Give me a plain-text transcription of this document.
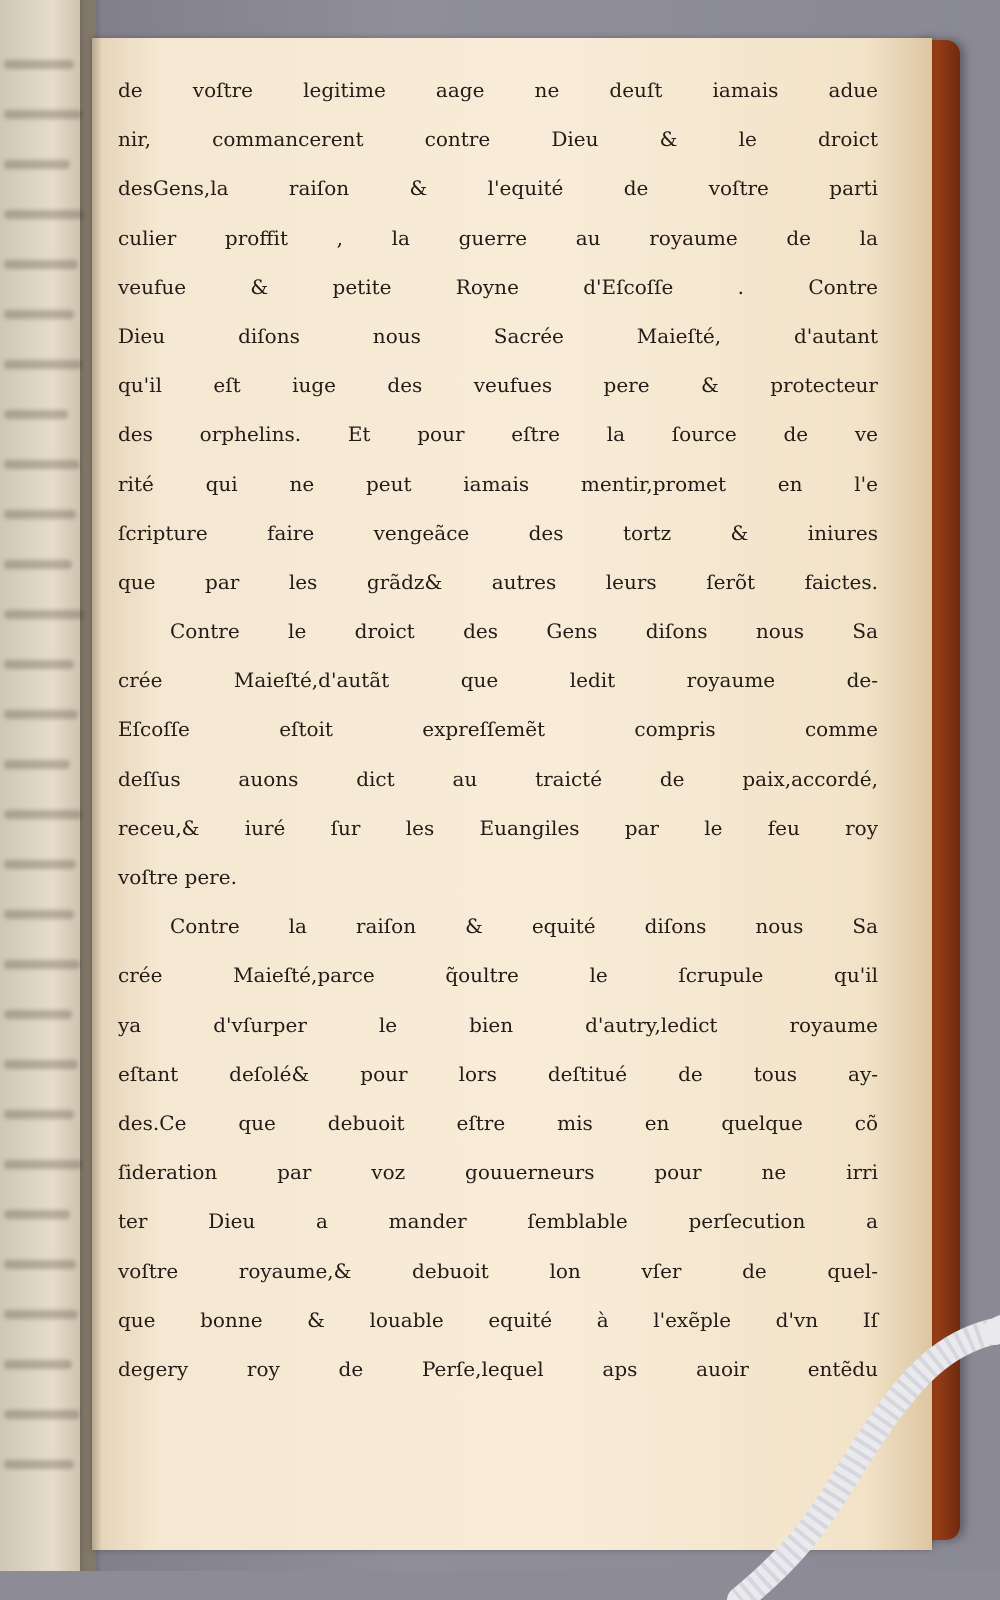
de voſtre legitime aage ne deuſt iamais adue
nir, commancerent contre Dieu & le droict
desGens,la raiſon & l'equité de voſtre parti
culier proffit , la guerre au royaume de la
veufue & petite Royne d'Eſcoſſe . Contre
Dieu diſons nous Sacrée Maieſté, d'autant
qu'il eſt iuge des veufues pere & protecteur
des orphelins. Et pour eſtre la ſource de ve
rité qui ne peut iamais mentir,promet en l'e
ſcripture faire vengeãce des tortz & iniures
que par les grãdz& autres leurs ſerõt faictes.
Contre le droict des Gens diſons nous Sa
crée Maieſté,d'autãt que ledit royaume de-
Eſcoſſe eſtoit expreſſemẽt compris comme
deſſus auons dict au traicté de paix,accordé,
receu,& iuré ſur les Euangiles par le feu roy
voſtre pere.
Contre la raiſon & equité diſons nous Sa
crée Maieſté,parce q̃oultre le ſcrupule qu'il
ya d'vſurper le bien d'autry,ledict royaume
eſtant deſolé& pour lors deſtitué de tous ay-
des.Ce que debuoit eſtre mis en quelque cõ
ſideration par voz gouuerneurs pour ne irri
ter Dieu a mander ſemblable perſecution a
voſtre royaume,& debuoit lon vſer de quel-
que bonne & louable equité à l'exẽple d'vn Iſ
degery roy de Perſe,lequel aps auoir entẽdu
